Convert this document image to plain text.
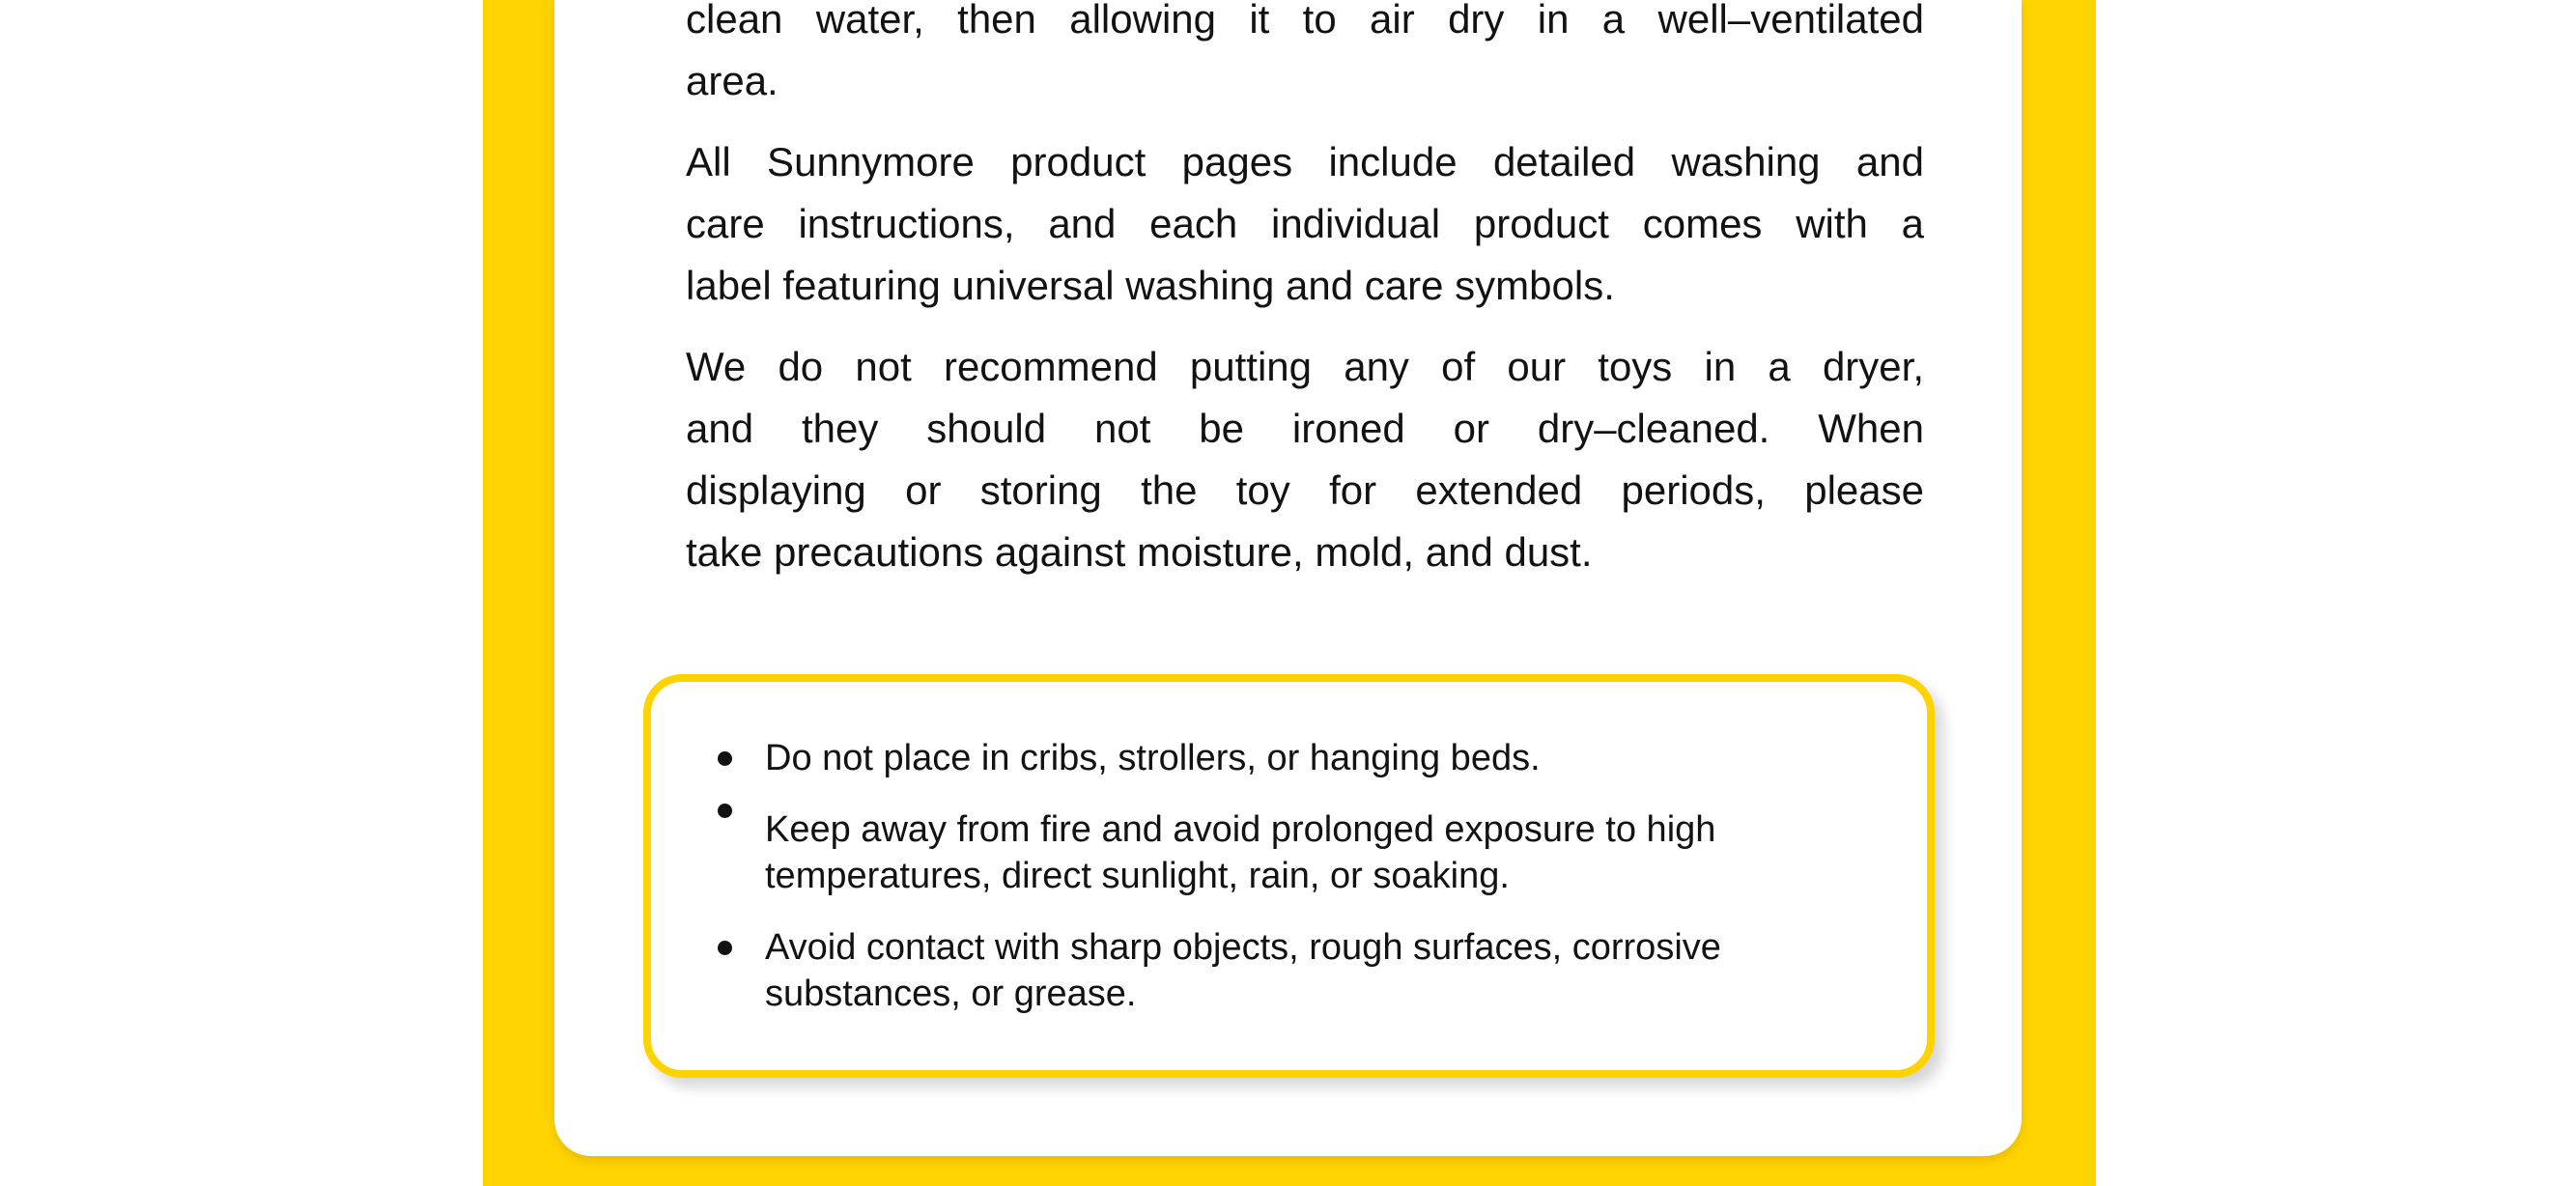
clean water, then allowing it to air dry in a well–ventilated
area.
All Sunnymore product pages include detailed washing and
care instructions, and each individual product comes with a
label featuring universal washing and care symbols.
We do not recommend putting any of our toys in a dryer,
and they should not be ironed or dry–cleaned. When
displaying or storing the toy for extended periods, please
take precautions against moisture, mold, and dust.
Do not place in cribs, strollers, or hanging beds.
Keep away from fire and avoid prolonged exposure to high temperatures, direct sunlight, rain, or soaking.
Avoid contact with sharp objects, rough surfaces, corrosive substances, or grease.
